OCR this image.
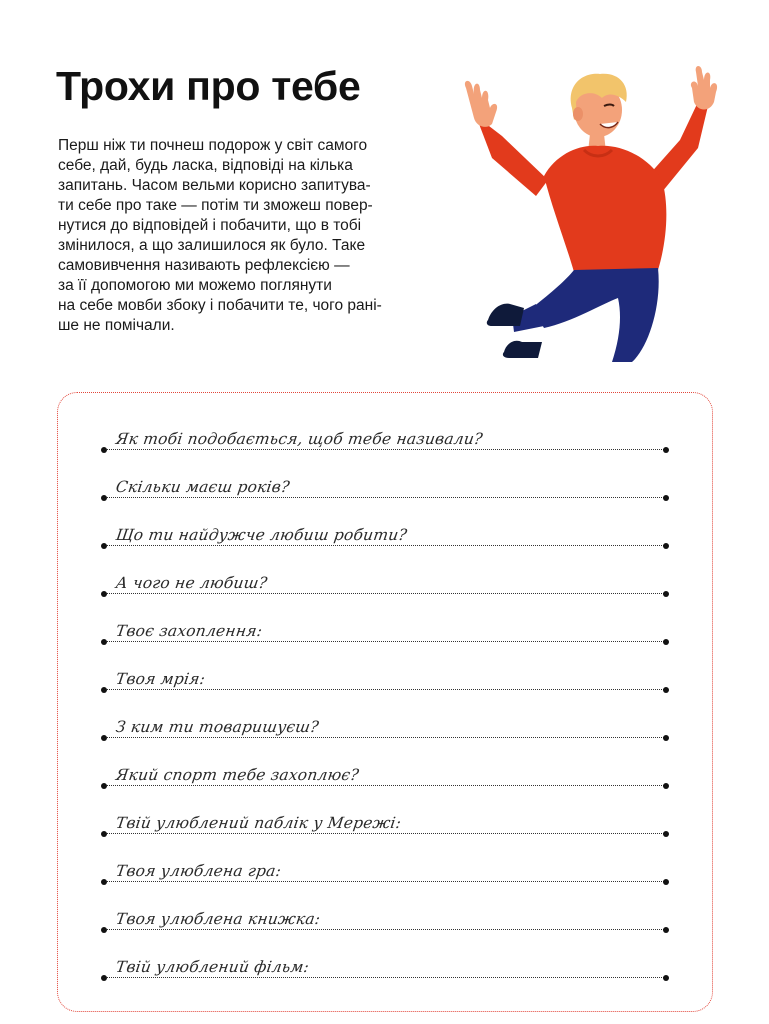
Трохи про тебе
Перш ніж ти почнеш подорож у світ самого
себе, дай, будь ласка, відповіді на кілька
запитань. Часом вельми корисно запитува-
ти себе про таке — потім ти зможеш повер-
нутися до відповідей і побачити, що в тобі
змінилося, а що залишилося як було. Таке
самовивчення називають рефлексією —
за її допомогою ми можемо поглянути
на себе мовби збоку і побачити те, чого рані-
ше не помічали.
Як тобі подобається, щоб тебе називали?
Скільки маєш років?
Що ти найдужче любиш робити?
А чого не любиш?
Твоє захоплення:
Твоя мрія:
З ким ти товаришуєш?
Який спорт тебе захоплює?
Твій улюблений паблік у Мережі:
Твоя улюблена гра:
Твоя улюблена книжка:
Твій улюблений фільм:
